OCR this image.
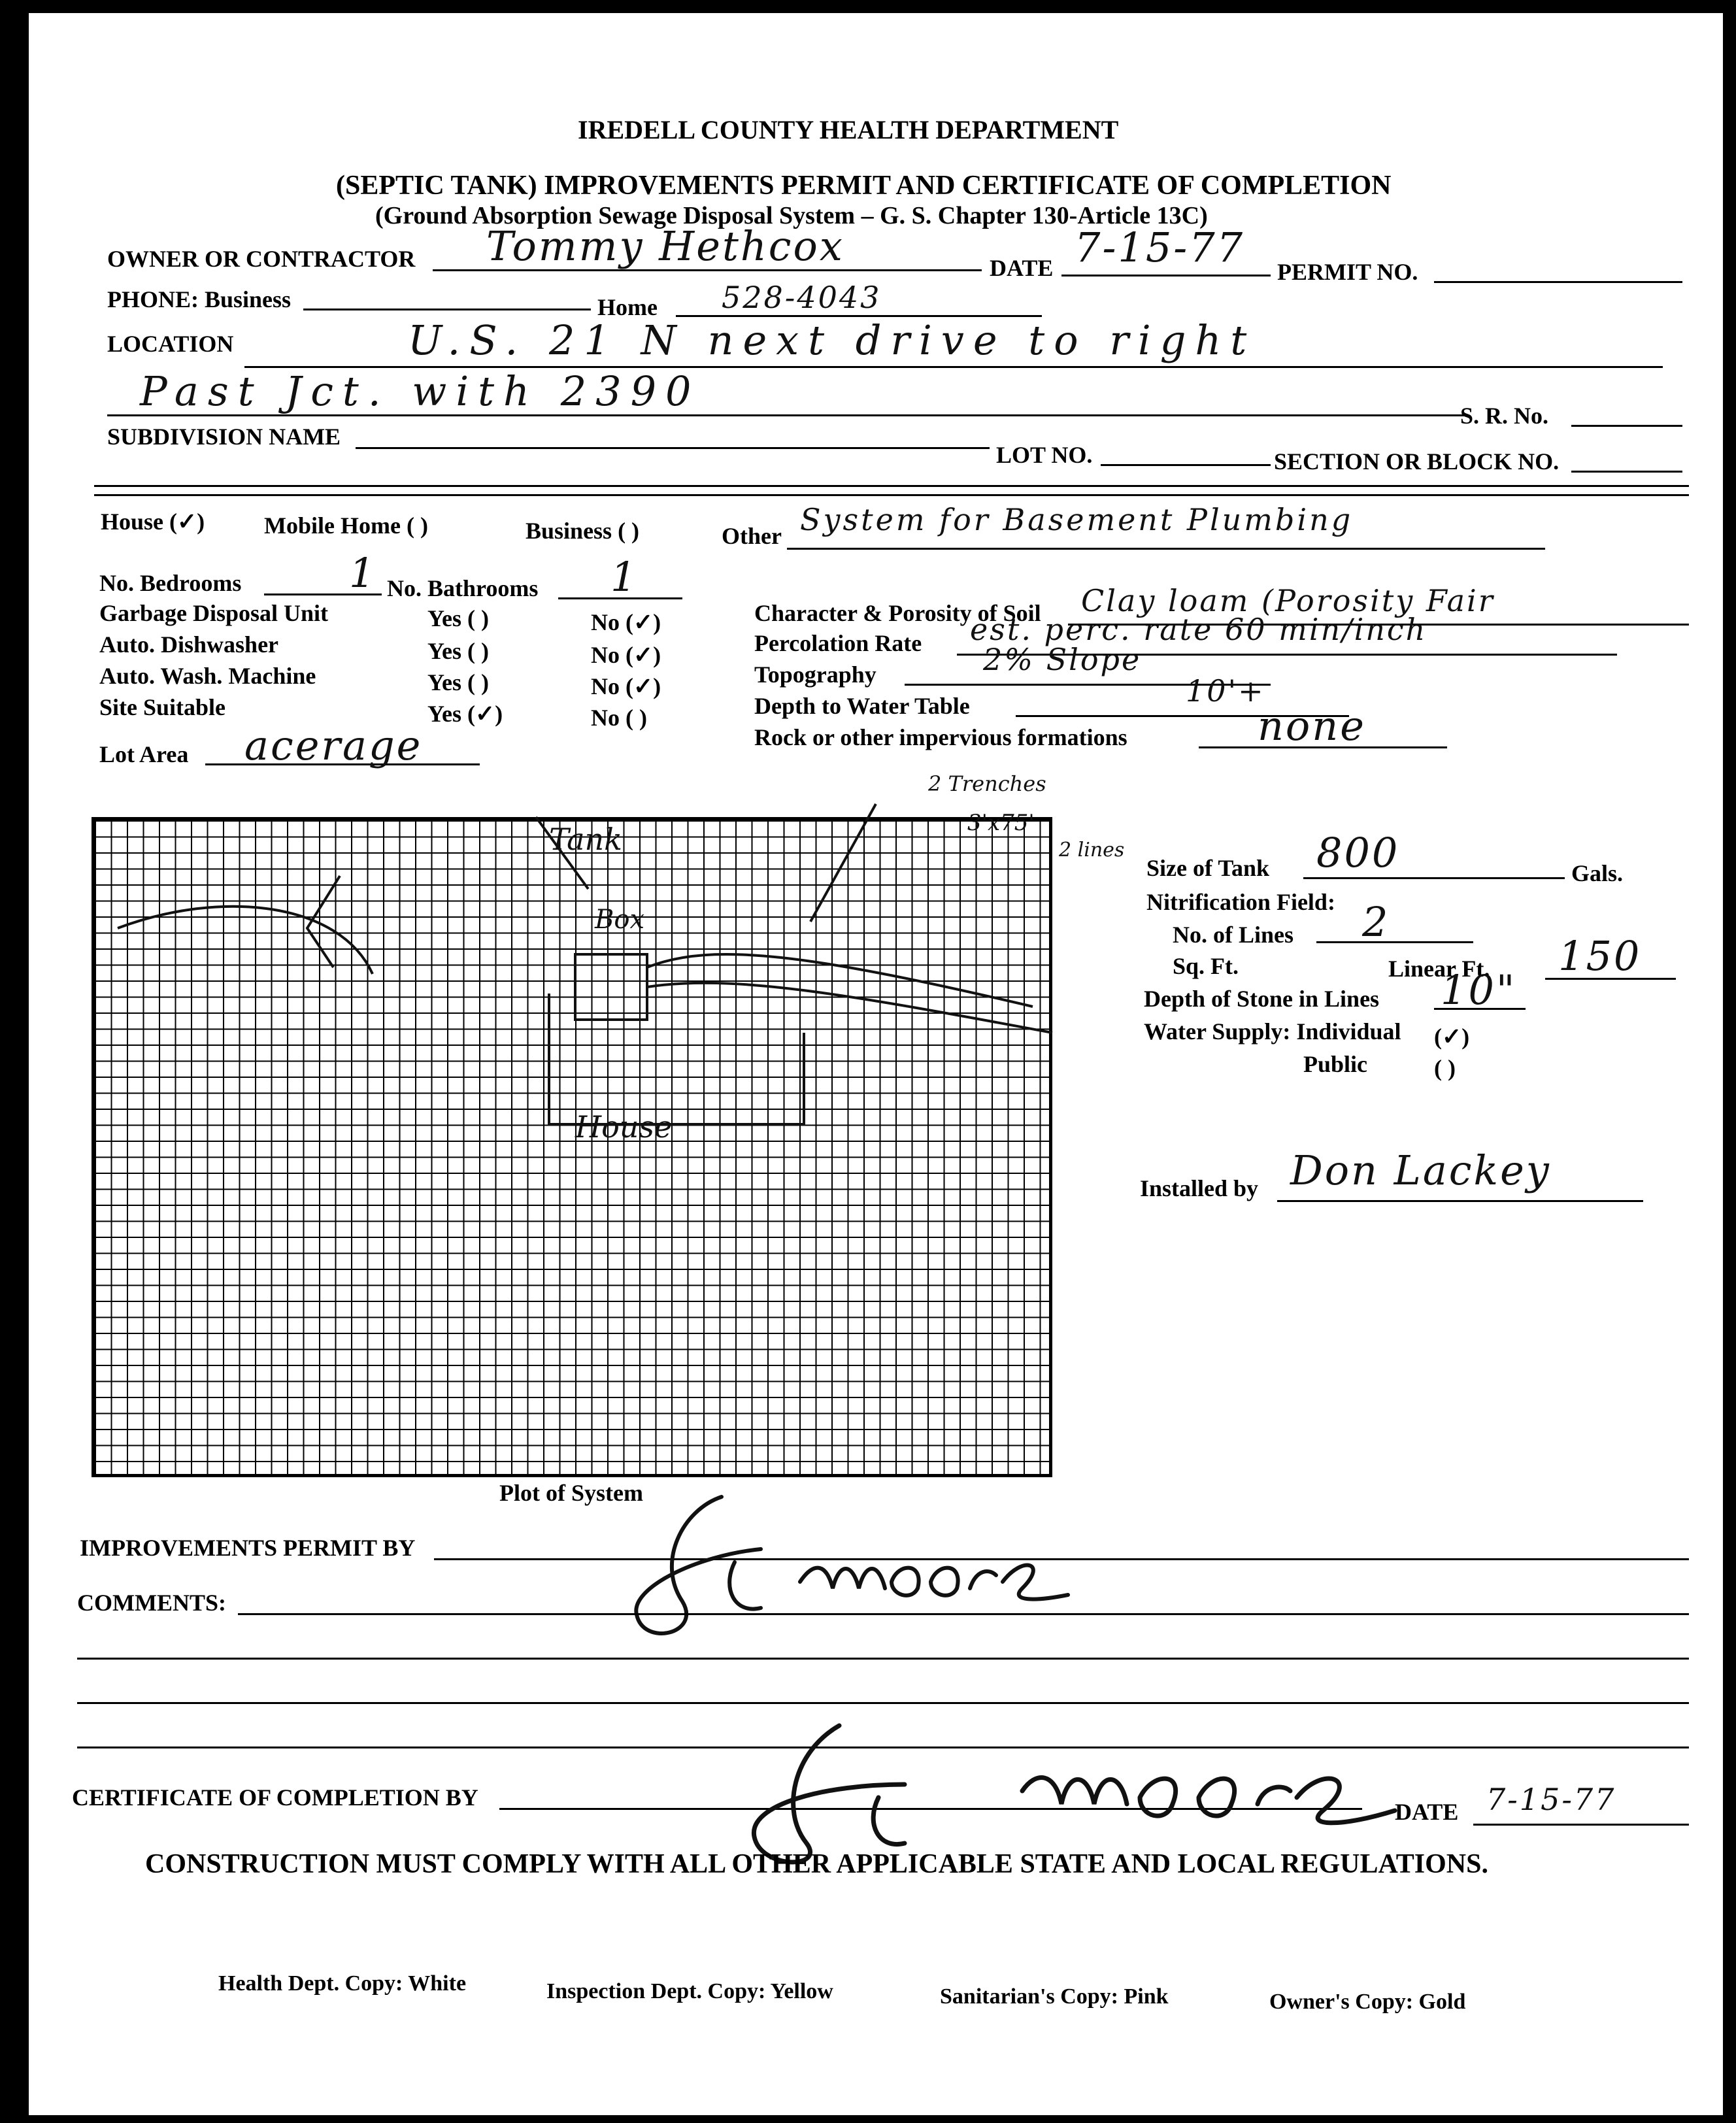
IREDELL COUNTY HEALTH DEPARTMENT
(SEPTIC TANK) IMPROVEMENTS PERMIT AND CERTIFICATE OF COMPLETION
(Ground Absorption Sewage Disposal System – G. S. Chapter 130-Article 13C)
OWNER OR CONTRACTOR Tommy Hethcox	DATE 7-15-77
PERMIT NO.
PHONE: Business	Home 528-4043
LOCATION	U.S. 21 N next drive to right
Past Jct. with 2390
S. R. No.
SUBDIVISION NAME
LOT NO.	SECTION OR BLOCK NO.
House (✓)	Mobile Home ( )	Business ( )	Other System for Basement Plumbing
No. Bedrooms	1 No. Bathrooms 1
Garbage Disposal Unit	Yes ( )	No (✓)
Auto. Dishwasher	Yes ( )	No (✓)
Auto. Wash. Machine	Yes ( )	No (✓)
Site Suitable	Yes (✓)	No ( )
Lot Area acerage
Character & Porosity of Soil Clay loam (Porosity Fair
Percolation Rate est. perc. rate 60 min/inch
Topography	2% Slope
Depth to Water Table	10'+
Rock or other impervious formations	none
Tank
Box
2 Trenches
3'x75'
2 lines
House
Plot of System
Size of Tank 800	Gals.
Nitrification Field:
No. of Lines 2
Sq. Ft.	Linear Ft. 150
Depth of Stone in Lines 10"
Water Supply: Individual (✓)
Public	( )
Installed by Don Lackey
IMPROVEMENTS PERMIT BY
COMMENTS:
CERTIFICATE OF COMPLETION BY
DATE 7-15-77
CONSTRUCTION MUST COMPLY WITH ALL OTHER APPLICABLE STATE AND LOCAL REGULATIONS.
Health Dept. Copy: White	Inspection Dept. Copy: Yellow	Sanitarian's Copy: Pink	Owner's Copy: Gold
